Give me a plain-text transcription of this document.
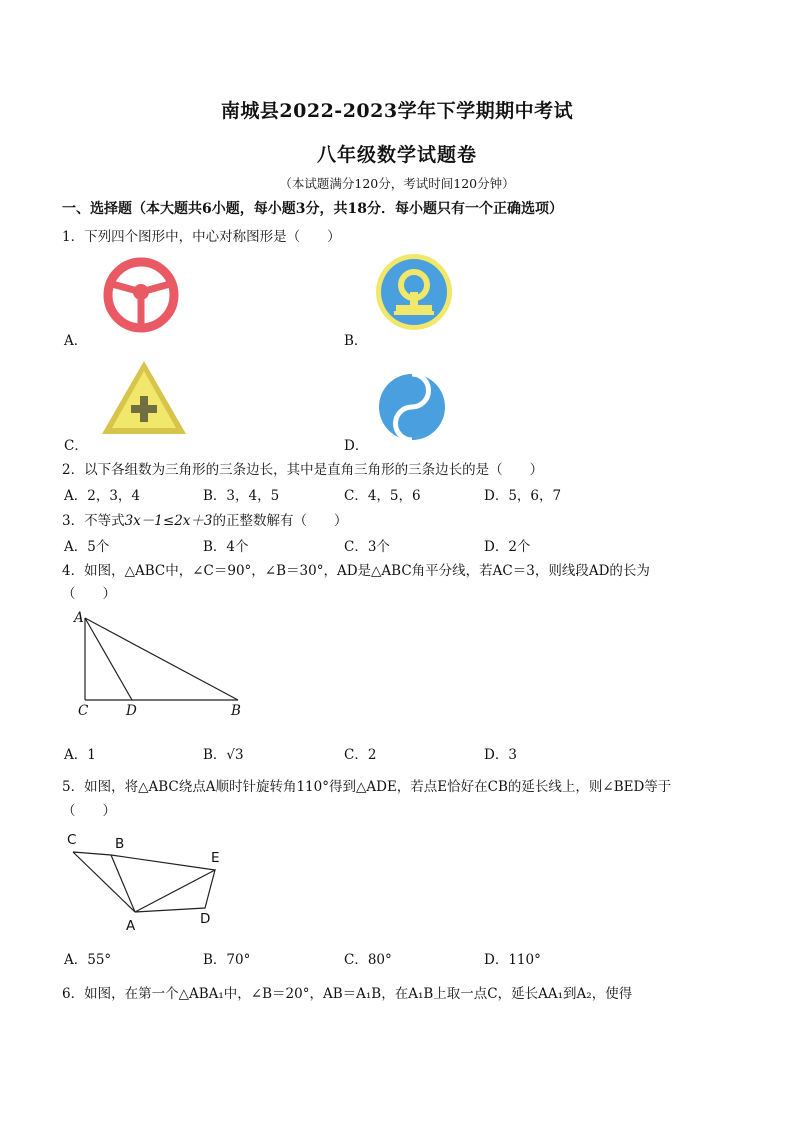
南城县2022-2023学年下学期期中考试
八年级数学试题卷
（本试题满分120分，考试时间120分钟）
一、选择题（本大题共6小题，每小题3分，共18分．每小题只有一个正确选项）
1．下列四个图形中，中心对称图形是（　　）
A．	B．
C．	D．
2．以下各组数为三角形的三条边长，其中是直角三角形的三条边长的是（　　）
A．2，3，4	B．3，4，5	C．4，5，6	D．5，6，7
3．不等式3x－1≤2x＋3的正整数解有（　　）
A．5个	B．4个	C．3个	D．2个
4．如图，△ABC中，∠C＝90°，∠B＝30°，AD是△ABC角平分线，若AC＝3，则线段AD的长为
（　　）
A
C	D	B
A．1	B．√3	C．2	D．3
5．如图，将△ABC绕点A顺时针旋转角110°得到△ADE，若点E恰好在CB的延长线上，则∠BED等于
（　　）
C	B
E
A	D
A．55°	B．70°	C．80°	D．110°
6．如图，在第一个△ABA₁中，∠B＝20°，AB＝A₁B，在A₁B上取一点C，延长AA₁到A₂，使得
